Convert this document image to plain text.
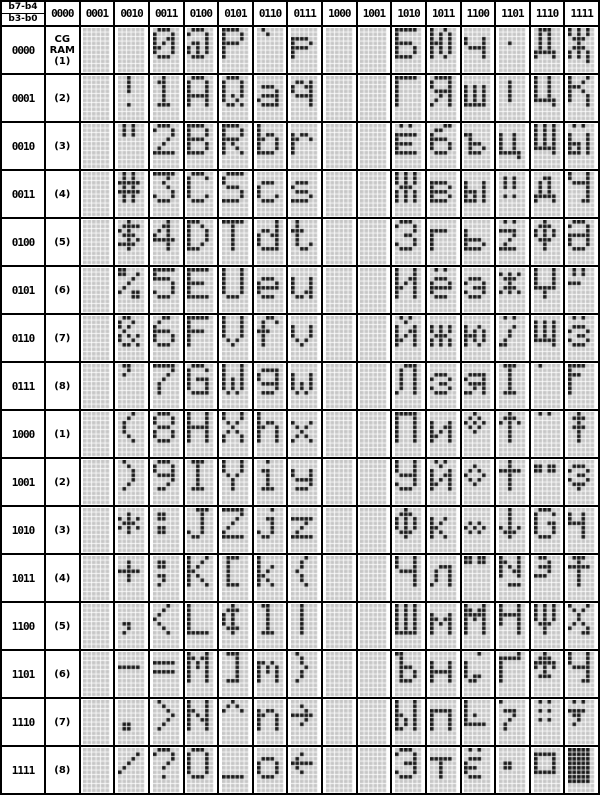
b7-b4
b3-b0	0000	0001	0010	0011	0100	0101	0110	0111	1000	1001	1010	1011	1100	1101	1110	1111
0000	CG
RAM
(1)

0001	(2)

0010	(3)

0011	(4)

0100	(5)

0101	(6)

0110	(7)

0111	(8)

1000	(1)

1001	(2)

1010	(3)

1011	(4)

1100	(5)

1101	(6)

1110	(7)

1111	(8)
